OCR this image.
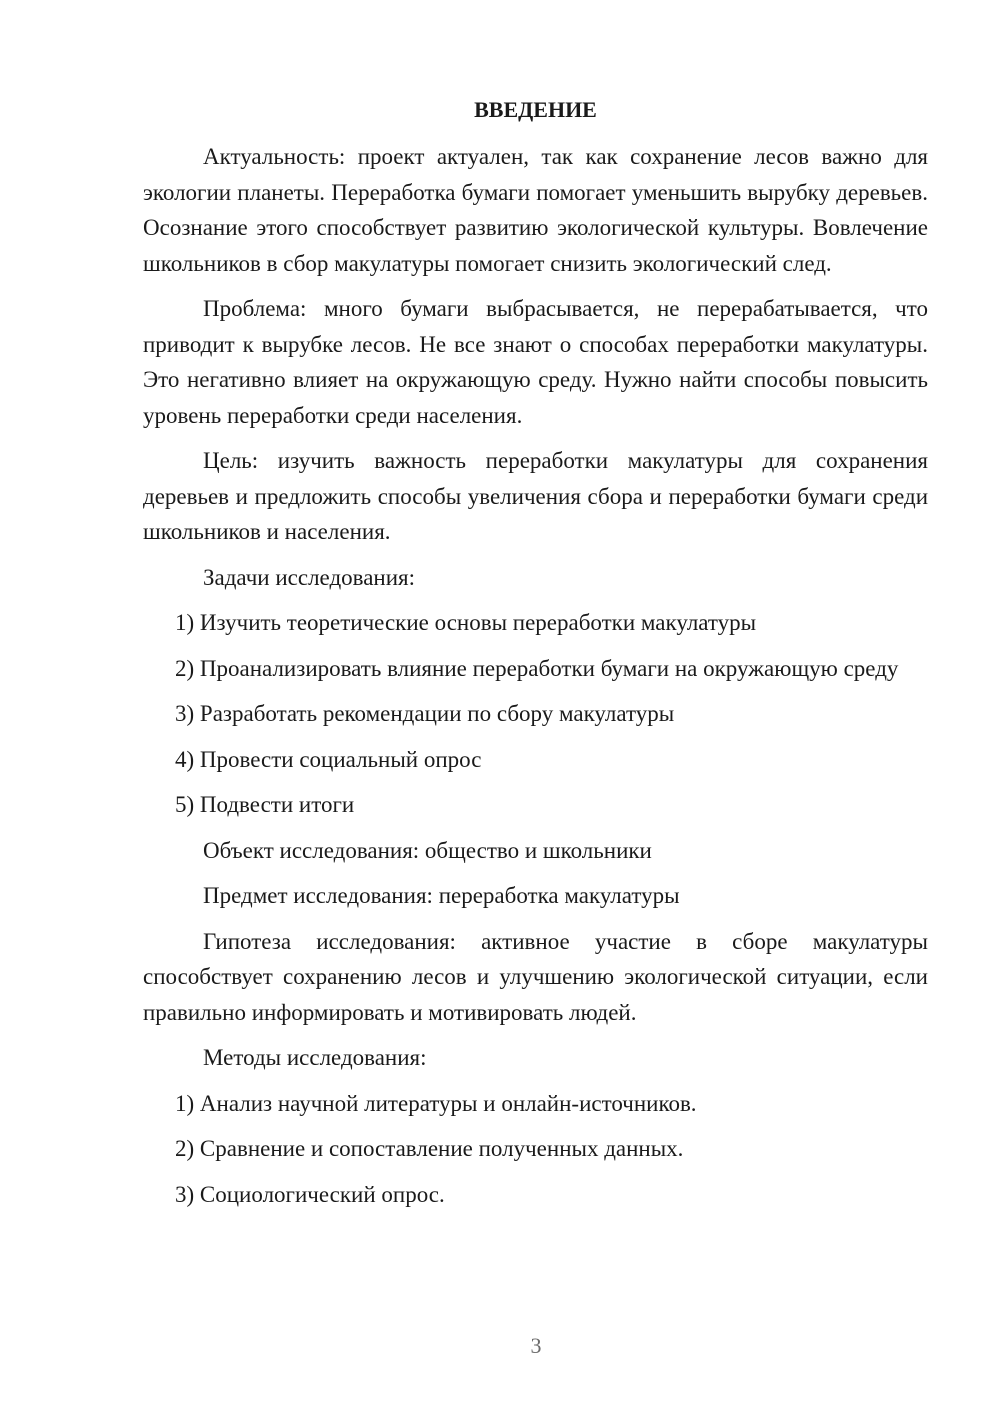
ВВЕДЕНИЕ

Актуальность: проект актуален, так как сохранение лесов важно для экологии планеты. Переработка бумаги помогает уменьшить вырубку деревьев. Осознание этого способствует развитию экологической культуры. Вовлечение школьников в сбор макулатуры помогает снизить экологический след.

Проблема: много бумаги выбрасывается, не перерабатывается, что приводит к вырубке лесов. Не все знают о способах переработки макулатуры. Это негативно влияет на окружающую среду. Нужно найти способы повысить уровень переработки среди населения.

Цель: изучить важность переработки макулатуры для сохранения деревьев и предложить способы увеличения сбора и переработки бумаги среди школьников и населения.

Задачи исследования:

1) Изучить теоретические основы переработки макулатуры

2) Проанализировать влияние переработки бумаги на окружающую среду

3) Разработать рекомендации по сбору макулатуры

4) Провести социальный опрос

5) Подвести итоги

Объект исследования: общество и школьники

Предмет исследования: переработка макулатуры

Гипотеза исследования: активное участие в сборе макулатуры способствует сохранению лесов и улучшению экологической ситуации, если правильно информировать и мотивировать людей.

Методы исследования:

1) Анализ научной литературы и онлайн-источников.

2) Сравнение и сопоставление полученных данных.

3) Социологический опрос.

3
